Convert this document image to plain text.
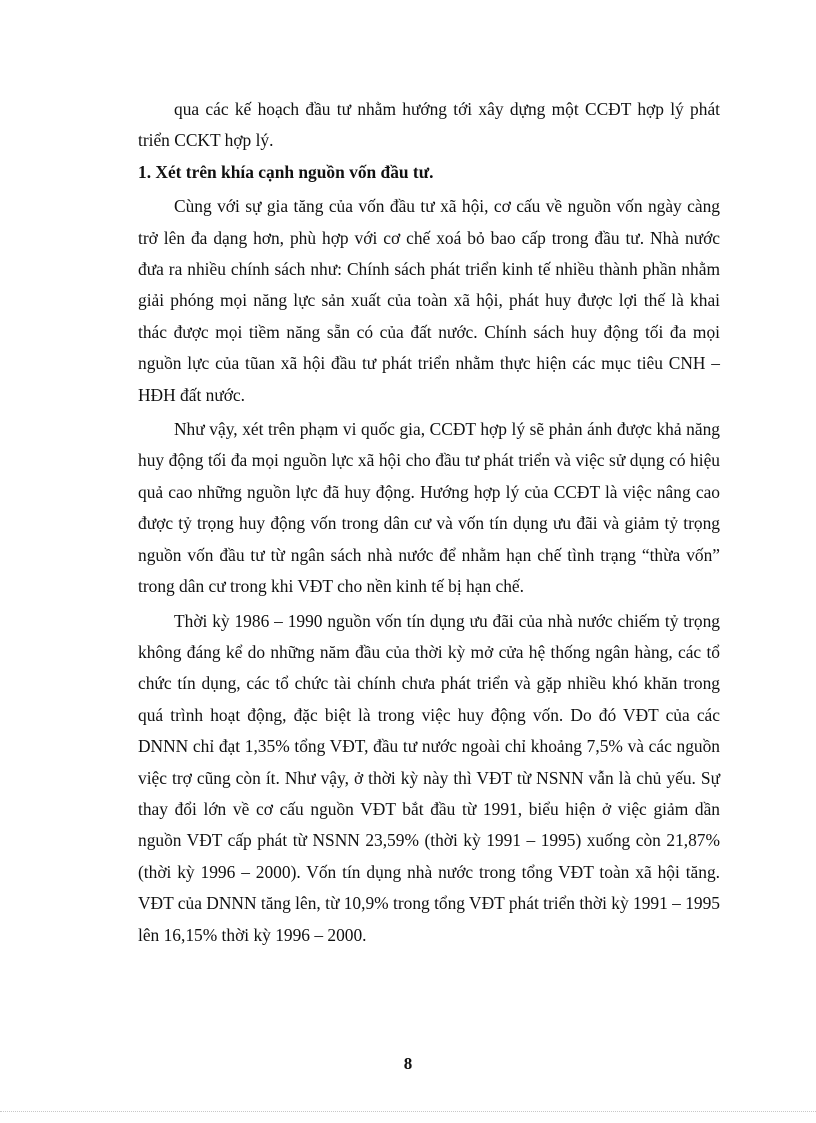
qua các kế hoạch đầu tư nhằm hướng tới xây dựng một CCĐT hợp lý phát triển CCKT hợp lý.

1. Xét trên khía cạnh nguồn vốn đầu tư.

Cùng với sự gia tăng của vốn đầu tư xã hội, cơ cấu về nguồn vốn ngày càng trở lên đa dạng hơn, phù hợp với cơ chế xoá bỏ bao cấp trong đầu tư. Nhà nước đưa ra nhiều chính sách như: Chính sách phát triển kinh tế nhiều thành phần nhằm giải phóng mọi năng lực sản xuất của toàn xã hội, phát huy được lợi thế là khai thác được mọi tiềm năng sẵn có của đất nước. Chính sách huy động tối đa mọi nguồn lực của tũan xã hội đầu tư phát triển nhằm thực hiện các mục tiêu CNH – HĐH đất nước.

Như vậy, xét trên phạm vi quốc gia, CCĐT hợp lý sẽ phản ánh được khả năng huy động tối đa mọi nguồn lực xã hội cho đầu tư phát triển và việc sử dụng có hiệu quả cao những nguồn lực đã huy động. Hướng hợp lý của CCĐT là việc nâng cao được tỷ trọng huy động vốn trong dân cư và vốn tín dụng ưu đãi và giảm tỷ trọng nguồn vốn đầu tư từ ngân sách nhà nước để nhằm hạn chế tình trạng “thừa vốn” trong dân cư trong khi VĐT cho nền kinh tế bị hạn chế.

Thời kỳ 1986 – 1990 nguồn vốn tín dụng ưu đãi của nhà nước chiếm tỷ trọng không đáng kể do những năm đầu của thời kỳ mở cửa hệ thống ngân hàng, các tổ chức tín dụng, các tổ chức tài chính chưa phát triển và gặp nhiều khó khăn trong quá trình hoạt động, đặc biệt là trong việc huy động vốn. Do đó VĐT của các DNNN chỉ đạt 1,35% tổng VĐT, đầu tư nước ngoài chỉ khoảng 7,5% và các nguồn việc trợ cũng còn ít. Như vậy, ở thời kỳ này thì VĐT từ NSNN vẫn là chủ yếu. Sự thay đổi lớn về cơ cấu nguồn VĐT bắt đầu từ 1991, biểu hiện ở việc giảm dần nguồn VĐT cấp phát từ NSNN 23,59% (thời kỳ 1991 – 1995) xuống còn 21,87% (thời kỳ 1996 – 2000). Vốn tín dụng nhà nước trong tổng VĐT toàn xã hội tăng. VĐT của DNNN tăng lên, từ 10,9% trong tổng VĐT phát triển thời kỳ 1991 – 1995 lên 16,15% thời kỳ 1996 – 2000.

8
